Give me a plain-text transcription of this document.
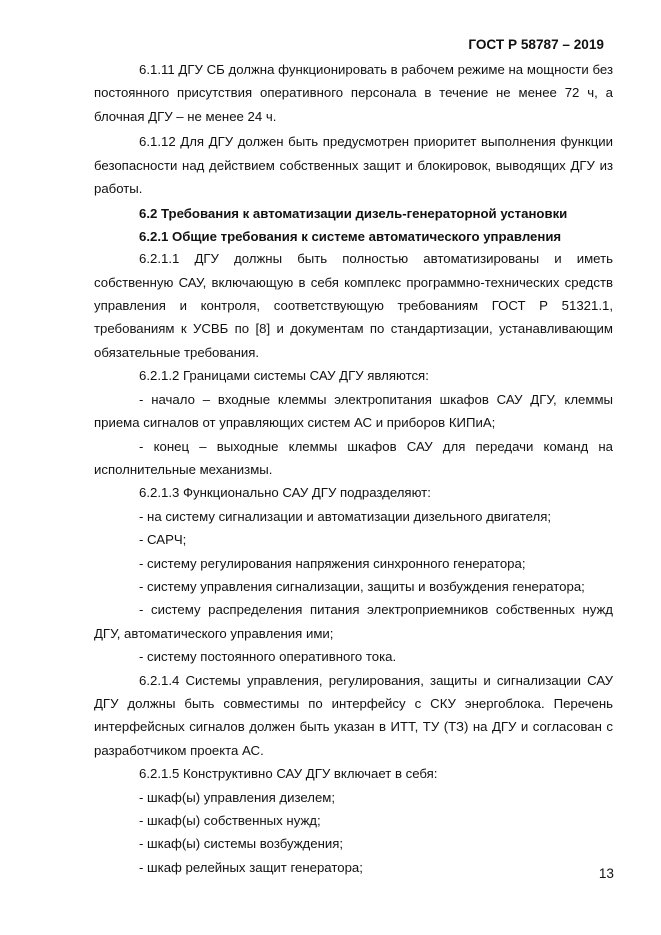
ГОСТ Р 58787 – 2019

6.1.11 ДГУ СБ должна функционировать в рабочем режиме на мощности без постоянного присутствия оперативного персонала в течение не менее 72 ч, а блочная ДГУ – не менее 24 ч.

6.1.12 Для ДГУ должен быть предусмотрен приоритет выполнения функции безопасности над действием собственных защит и блокировок, выводящих ДГУ из работы.

6.2 Требования к автоматизации дизель-генераторной установки

6.2.1 Общие требования к системе автоматического управления

6.2.1.1 ДГУ должны быть полностью автоматизированы и иметь собственную САУ, включающую в себя комплекс программно-технических средств управления и контроля, соответствующую требованиям ГОСТ Р 51321.1, требованиям к УСВБ по [8] и документам по стандартизации, устанавливающим обязательные требования.

6.2.1.2 Границами системы САУ ДГУ являются:

- начало – входные клеммы электропитания шкафов САУ ДГУ, клеммы приема сигналов от управляющих систем АС и приборов КИПиА;

- конец – выходные клеммы шкафов САУ для передачи команд на исполнительные механизмы.

6.2.1.3 Функционально САУ ДГУ подразделяют:

- на систему сигнализации и автоматизации дизельного двигателя;

- САРЧ;

- систему регулирования напряжения синхронного генератора;

- систему управления сигнализации, защиты и возбуждения генератора;

- систему распределения питания электроприемников собственных нужд ДГУ, автоматического управления ими;

- систему постоянного оперативного тока.

6.2.1.4 Системы управления, регулирования, защиты и сигнализации САУ ДГУ должны быть совместимы по интерфейсу с СКУ энергоблока. Перечень интерфейсных сигналов должен быть указан в ИТТ, ТУ (ТЗ) на ДГУ и согласован с разработчиком проекта АС.

6.2.1.5 Конструктивно САУ ДГУ включает в себя:

- шкаф(ы) управления дизелем;

- шкаф(ы) собственных нужд;

- шкаф(ы) системы возбуждения;

- шкаф релейных защит генератора;	13
